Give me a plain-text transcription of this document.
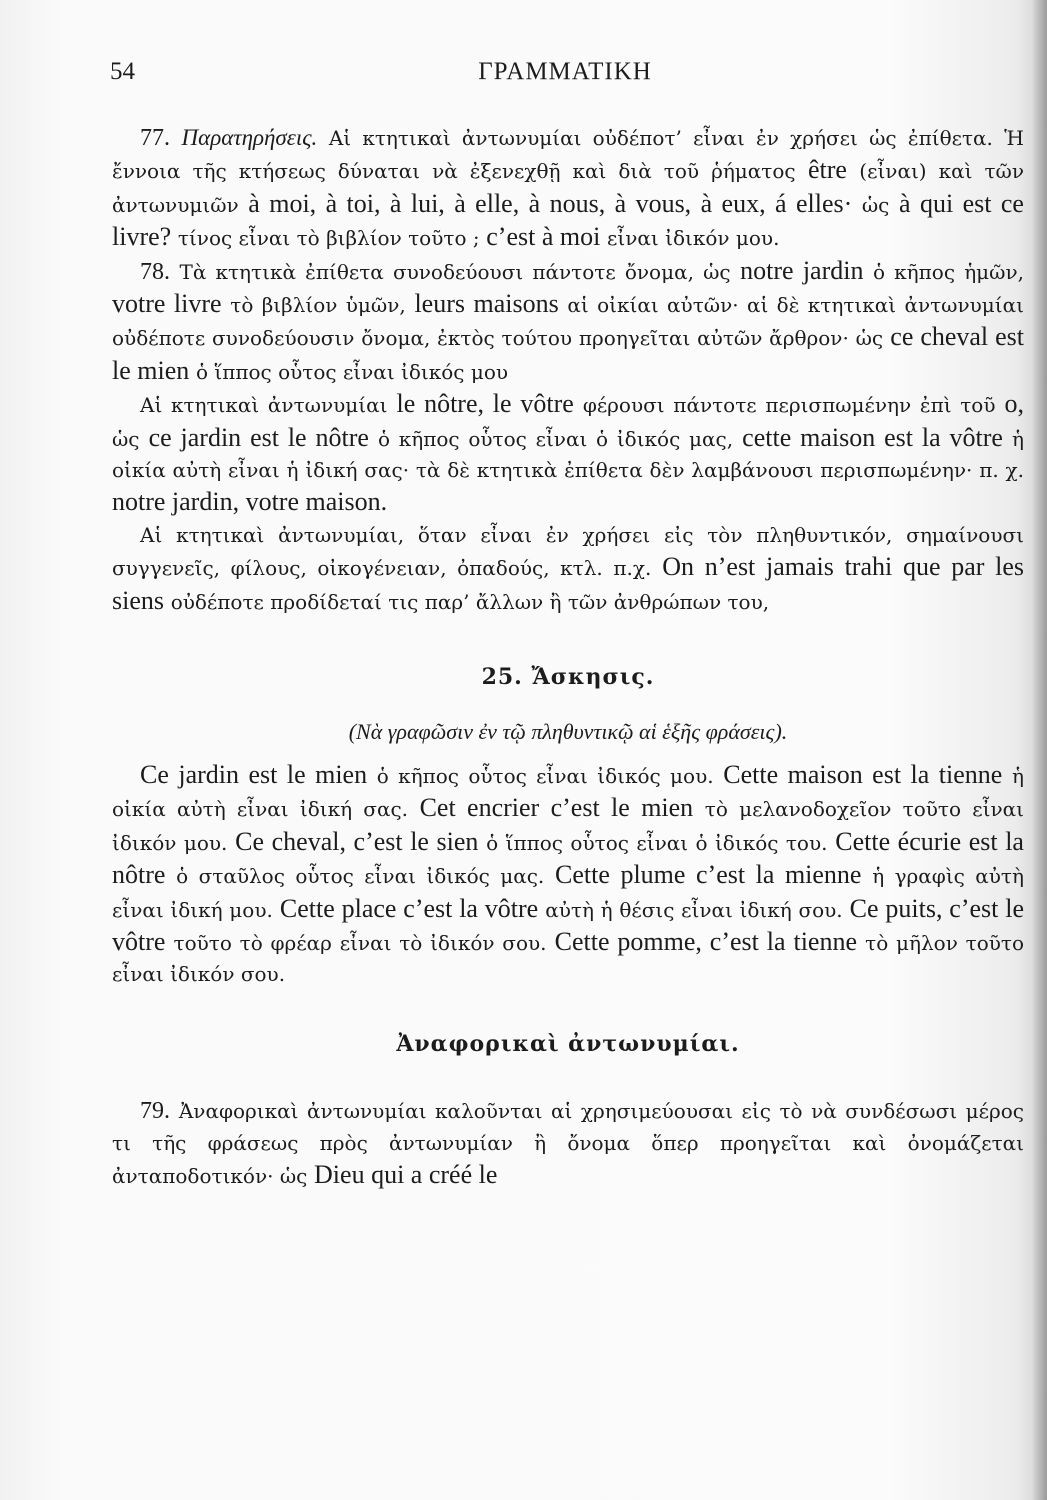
54	ΓΡΑΜΜΑΤΙΚΗ

77. Παρατηρήσεις. Αἱ κτητικαὶ ἀντωνυμίαι οὐδέποτ’ εἶναι ἐν χρήσει ὡς ἐπίθετα. Ἡ ἔννοια τῆς κτήσεως δύναται νὰ ἐξενεχθῇ καὶ διὰ τοῦ ῥήματος être (εἶναι) καὶ τῶν ἀντωνυμιῶν à moi, à toi, à lui, à elle, à nous, à vous, à eux, á elles· ὡς à qui est ce livre? τίνος εἶναι τὸ βιβλίον τοῦτο ; c’est à moi εἶναι ἰδικόν μου.

78. Τὰ κτητικὰ ἐπίθετα συνοδεύουσι πάντοτε ὄνομα, ὡς notre jardin ὁ κῆπος ἡμῶν, votre livre τὸ βιβλίον ὑμῶν, leurs maisons αἱ οἰκίαι αὐτῶν· αἱ δὲ κτητικαὶ ἀντωνυμίαι οὐδέποτε συνοδεύουσιν ὄνομα, ἐκτὸς τούτου προηγεῖται αὐτῶν ἄρθρον· ὡς ce cheval est le mien ὁ ἵππος οὗτος εἶναι ἰδικός μου

Αἱ κτητικαὶ ἀντωνυμίαι le nôtre, le vôtre φέρουσι πάντοτε περισπωμένην ἐπὶ τοῦ o, ὡς ce jardin est le nôtre ὁ κῆπος οὗτος εἶναι ὁ ἰδικός μας, cette maison est la vôtre ἡ οἰκία αὐτὴ εἶναι ἡ ἰδική σας· τὰ δὲ κτητικὰ ἐπίθετα δὲν λαμβάνουσι περισπωμένην· π. χ. notre jardin, votre maison.

Αἱ κτητικαὶ ἀντωνυμίαι, ὅταν εἶναι ἐν χρήσει εἰς τὸν πληθυντικόν, σημαίνουσι συγγενεῖς, φίλους, οἰκογένειαν, ὀπαδούς, κτλ. π.χ. On n’est jamais trahi que par les siens οὐδέποτε προδίδεταί τις παρ’ ἄλλων ἢ τῶν ἀνθρώπων του,

25. Ἄσκησις.

(Νὰ γραφῶσιν ἐν τῷ πληθυντικῷ αἱ ἑξῆς φράσεις).

Ce jardin est le mien ὁ κῆπος οὗτος εἶναι ἰδικός μου. Cette maison est la tienne ἡ οἰκία αὐτὴ εἶναι ἰδική σας. Cet encrier c’est le mien τὸ μελανοδοχεῖον τοῦτο εἶναι ἰδικόν μου. Ce cheval, c’est le sien ὁ ἵππος οὗτος εἶναι ὁ ἰδικός του. Cette écurie est la nôtre ὁ σταῦλος οὗτος εἶναι ἰδικός μας. Cette plume c’est la mienne ἡ γραφὶς αὐτὴ εἶναι ἰδική μου. Cette place c’est la vôtre αὐτὴ ἡ θέσις εἶναι ἰδική σου. Ce puits, c’est le vôtre τοῦτο τὸ φρέαρ εἶναι τὸ ἰδικόν σου. Cette pomme, c’est la tienne τὸ μῆλον τοῦτο εἶναι ἰδικόν σου.

Ἀναφορικαὶ ἀντωνυμίαι.

79. Ἀναφορικαὶ ἀντωνυμίαι καλοῦνται αἱ χρησιμεύουσαι εἰς τὸ νὰ συνδέσωσι μέρος τι τῆς φράσεως πρὸς ἀντωνυμίαν ἢ ὄνομα ὅπερ προηγεῖται καὶ ὀνομάζεται ἀνταποδοτικόν· ὡς Dieu qui a créé le
